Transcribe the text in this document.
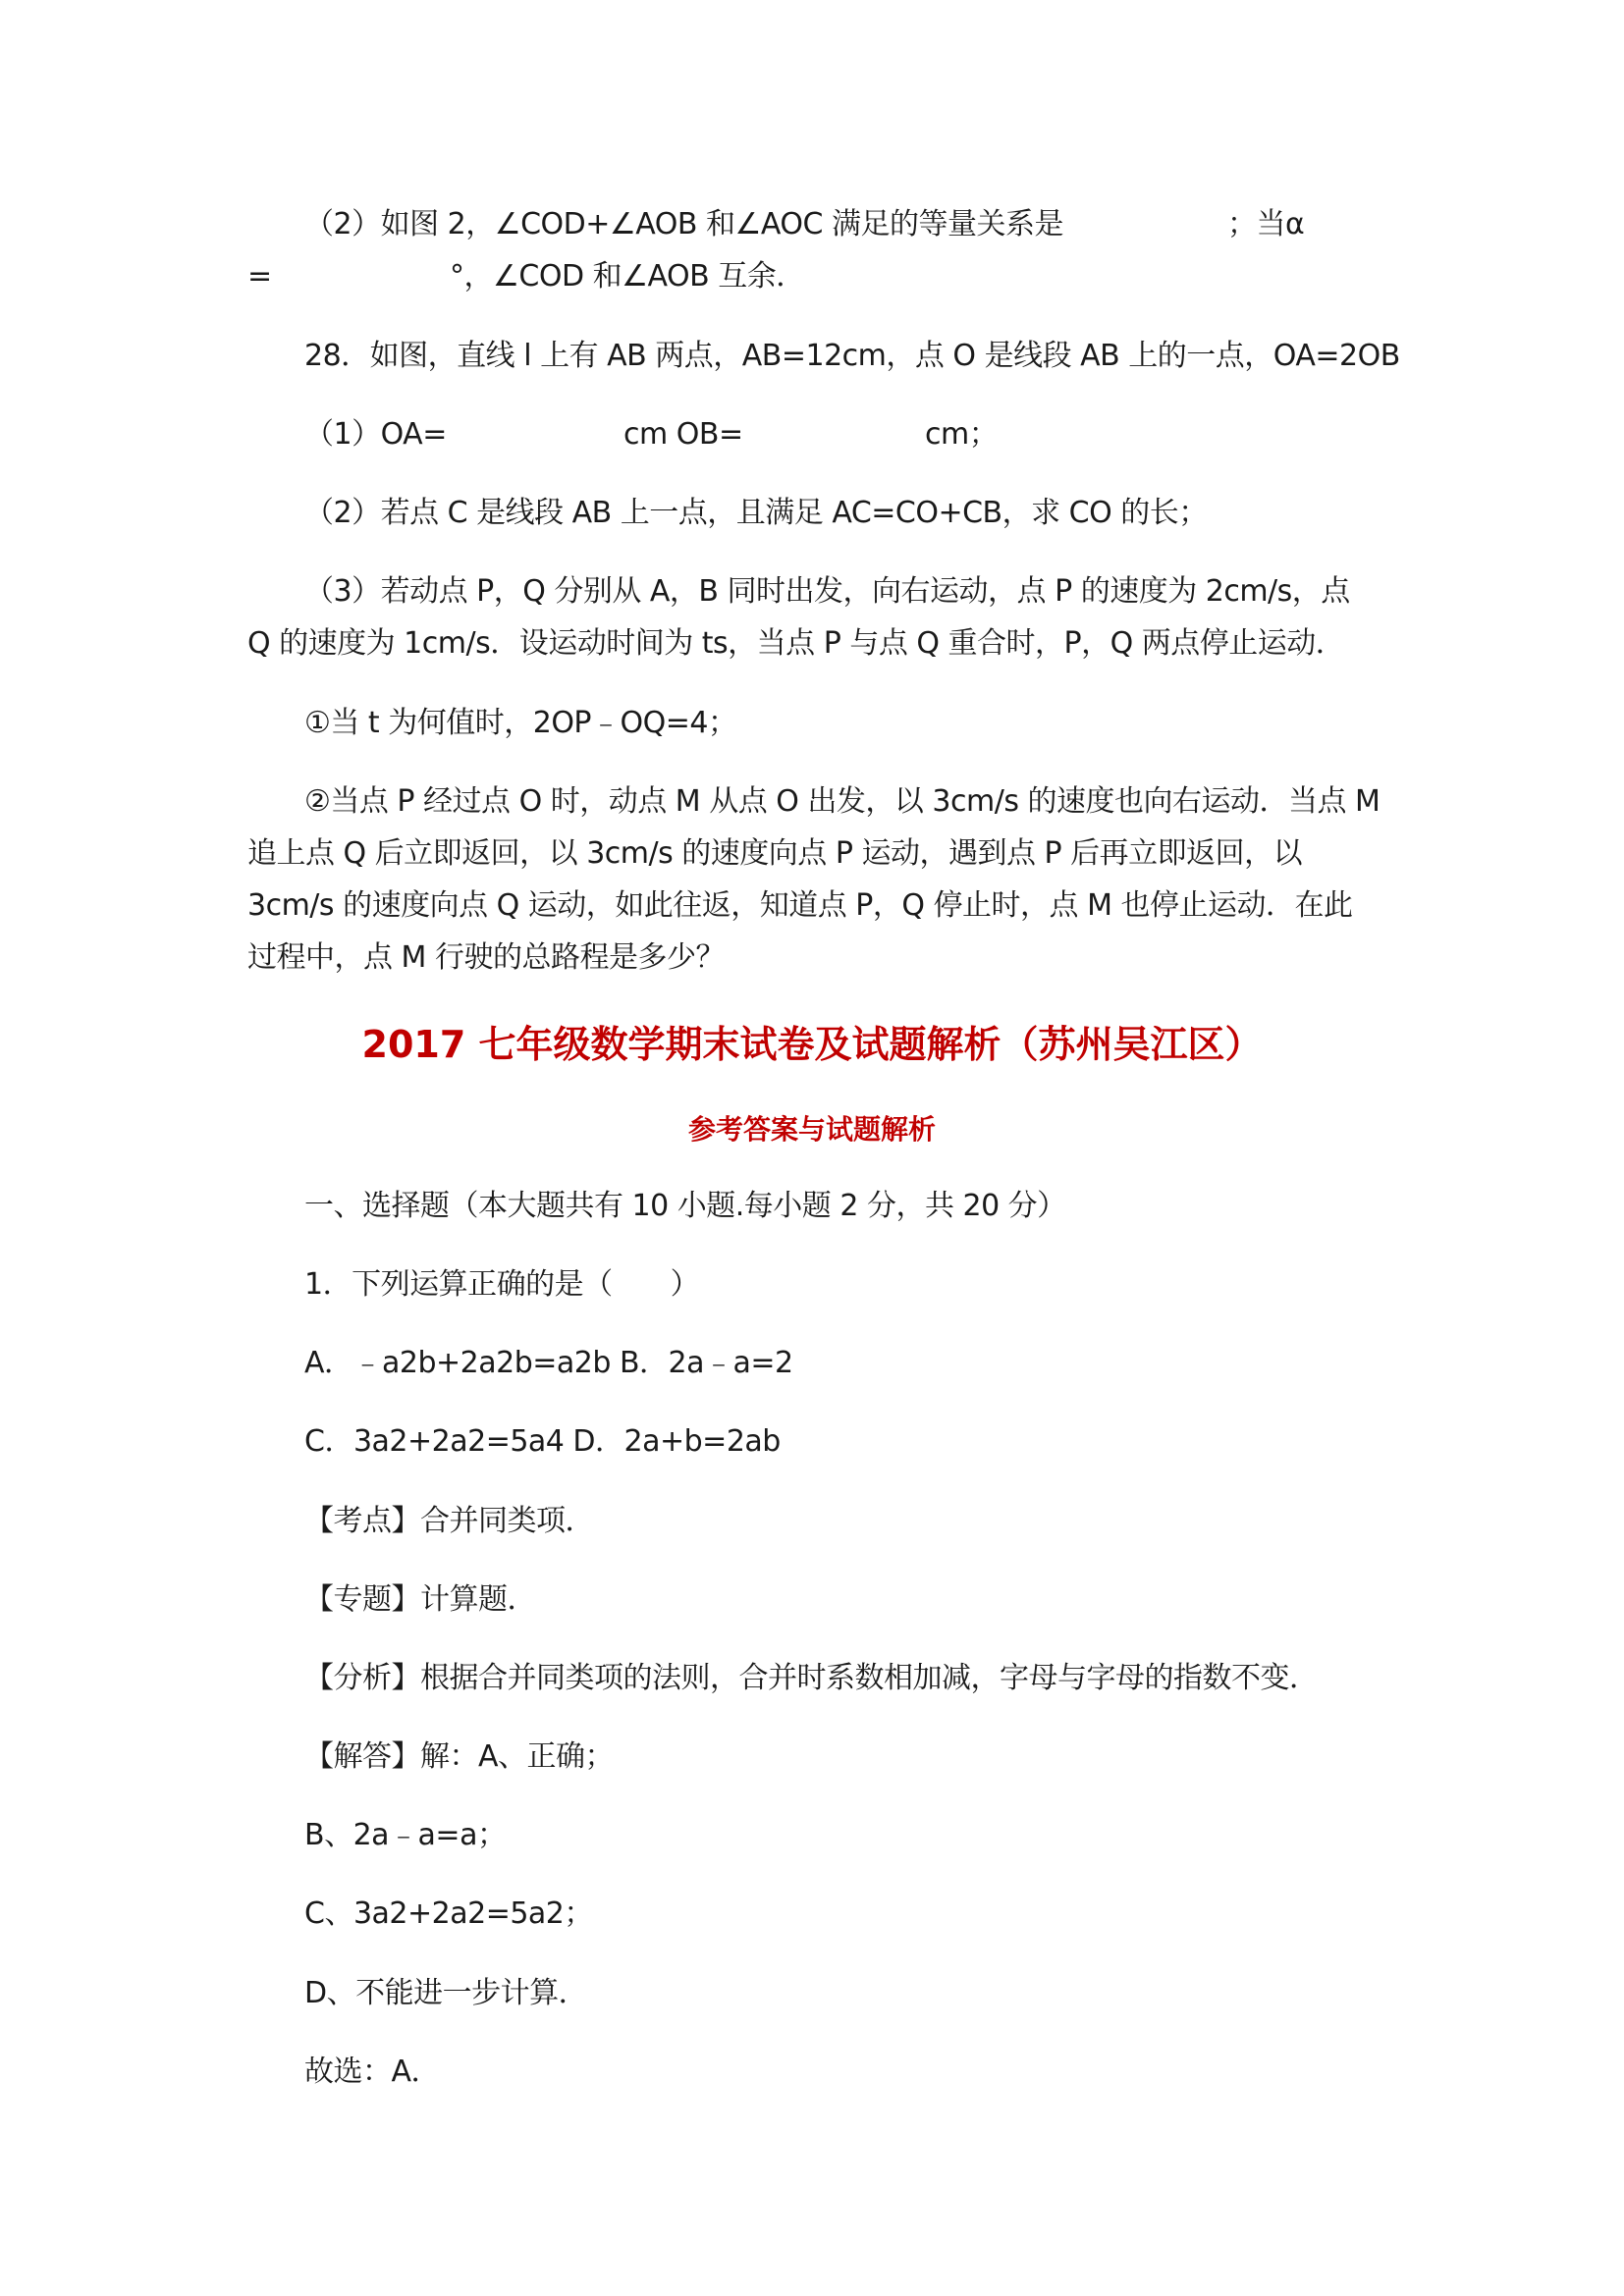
（2）如图 2，∠COD+∠AOB 和∠AOC 满足的等量关系是	；当α
=	°，∠COD 和∠AOB 互余．
28．如图，直线 l 上有 AB 两点，AB=12cm，点 O 是线段 AB 上的一点，OA=2OB
（1）OA=	cm OB=	cm；
（2）若点 C 是线段 AB 上一点，且满足 AC=CO+CB，求 CO 的长；
（3）若动点 P，Q 分别从 A，B 同时出发，向右运动，点 P 的速度为 2cm/s，点
Q 的速度为 1cm/s．设运动时间为 ts，当点 P 与点 Q 重合时，P，Q 两点停止运动．
①当 t 为何值时，2OP﹣OQ=4；
②当点 P 经过点 O 时，动点 M 从点 O 出发，以 3cm/s 的速度也向右运动．当点 M
追上点 Q 后立即返回，以 3cm/s 的速度向点 P 运动，遇到点 P 后再立即返回，以
3cm/s 的速度向点 Q 运动，如此往返，知道点 P，Q 停止时，点 M 也停止运动．在此
过程中，点 M 行驶的总路程是多少？
2017 七年级数学期末试卷及试题解析（苏州吴江区）
参考答案与试题解析
一、选择题（本大题共有 10 小题.每小题 2 分，共 20 分）
1．下列运算正确的是（　　）
A．﹣a2b+2a2b=a2b B．2a﹣a=2
C．3a2+2a2=5a4 D．2a+b=2ab
【考点】合并同类项．
【专题】计算题．
【分析】根据合并同类项的法则，合并时系数相加减，字母与字母的指数不变．
【解答】解：A、正确；
B、2a﹣a=a；
C、3a2+2a2=5a2；
D、不能进一步计算．
故选：A．
